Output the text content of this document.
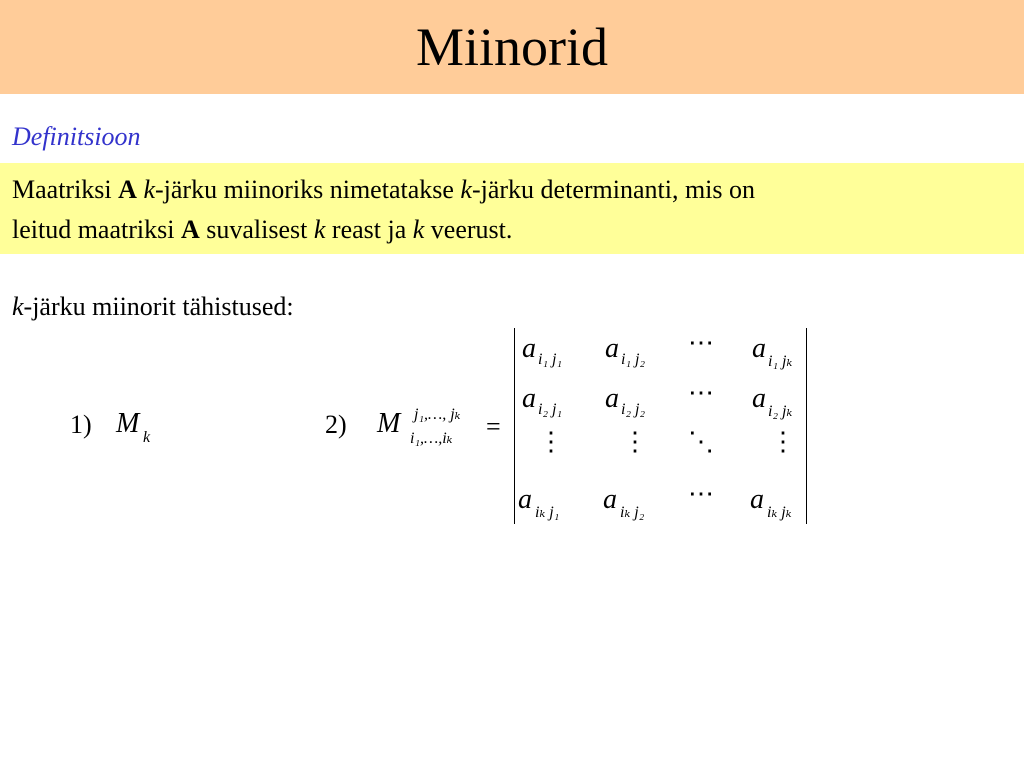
Miinorid
Definitsioon
Maatriksi A k-järku miinoriks nimetatakse k-järku determinanti, mis on
leitud maatriksi A suvalisest k reast ja k veerust.
k-järku miinorit tähistused:
1) M k	2) M j₁,…, jₖ
i₁,…,iₖ =
a i₁ j₁ a i₁ j₂
⋯ a i₁ jₖ
a i₂ j₁ a i₂ j₂
⋯ a i₂ jₖ
⋮ ⋮ ⋱ ⋮
a iₖ j₁ a iₖ j₂
⋯ a iₖ jₖ
